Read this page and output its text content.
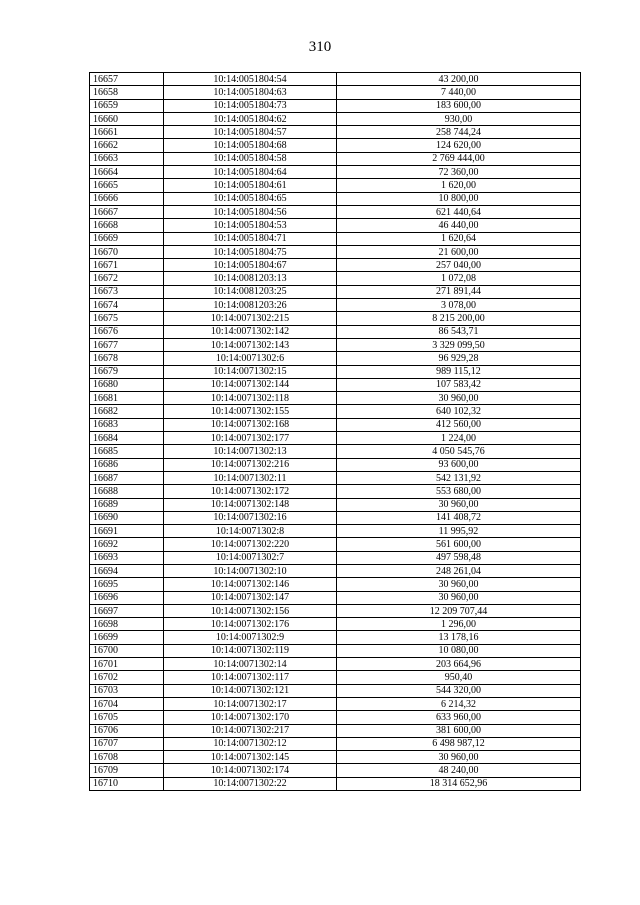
310
16657	10:14:0051804:54	43 200,00
16658	10:14:0051804:63	7 440,00
16659	10:14:0051804:73	183 600,00
16660	10:14:0051804:62	930,00
16661	10:14:0051804:57	258 744,24
16662	10:14:0051804:68	124 620,00
16663	10:14:0051804:58	2 769 444,00
16664	10:14:0051804:64	72 360,00
16665	10:14:0051804:61	1 620,00
16666	10:14:0051804:65	10 800,00
16667	10:14:0051804:56	621 440,64
16668	10:14:0051804:53	46 440,00
16669	10:14:0051804:71	1 620,64
16670	10:14:0051804:75	21 600,00
16671	10:14:0051804:67	257 040,00
16672	10:14:0081203:13	1 072,08
16673	10:14:0081203:25	271 891,44
16674	10:14:0081203:26	3 078,00
16675	10:14:0071302:215	8 215 200,00
16676	10:14:0071302:142	86 543,71
16677	10:14:0071302:143	3 329 099,50
16678	10:14:0071302:6	96 929,28
16679	10:14:0071302:15	989 115,12
16680	10:14:0071302:144	107 583,42
16681	10:14:0071302:118	30 960,00
16682	10:14:0071302:155	640 102,32
16683	10:14:0071302:168	412 560,00
16684	10:14:0071302:177	1 224,00
16685	10:14:0071302:13	4 050 545,76
16686	10:14:0071302:216	93 600,00
16687	10:14:0071302:11	542 131,92
16688	10:14:0071302:172	553 680,00
16689	10:14:0071302:148	30 960,00
16690	10:14:0071302:16	141 408,72
16691	10:14:0071302:8	11 995,92
16692	10:14:0071302:220	561 600,00
16693	10:14:0071302:7	497 598,48
16694	10:14:0071302:10	248 261,04
16695	10:14:0071302:146	30 960,00
16696	10:14:0071302:147	30 960,00
16697	10:14:0071302:156	12 209 707,44
16698	10:14:0071302:176	1 296,00
16699	10:14:0071302:9	13 178,16
16700	10:14:0071302:119	10 080,00
16701	10:14:0071302:14	203 664,96
16702	10:14:0071302:117	950,40
16703	10:14:0071302:121	544 320,00
16704	10:14:0071302:17	6 214,32
16705	10:14:0071302:170	633 960,00
16706	10:14:0071302:217	381 600,00
16707	10:14:0071302:12	6 498 987,12
16708	10:14:0071302:145	30 960,00
16709	10:14:0071302:174	48 240,00
16710	10:14:0071302:22	18 314 652,96
